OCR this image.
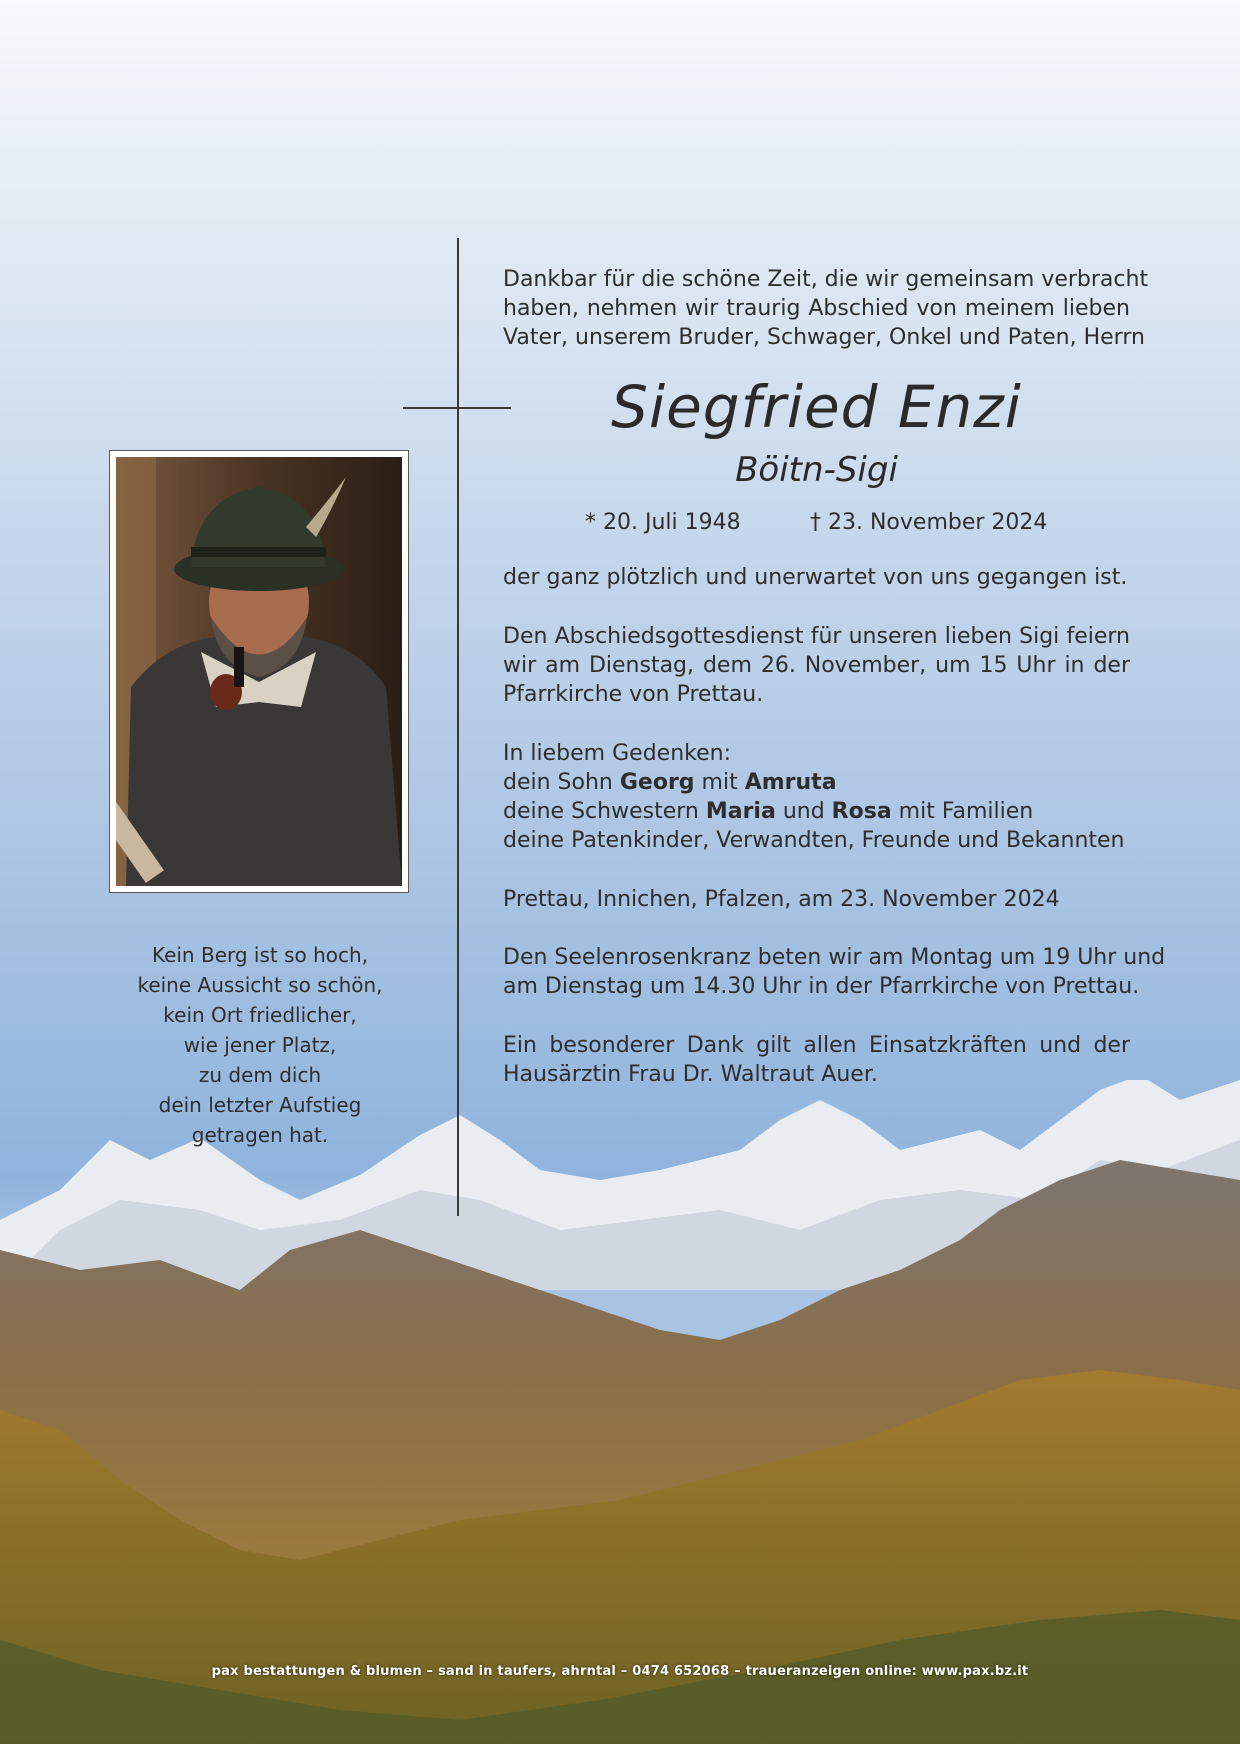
Kein Berg ist so hoch,
keine Aussicht so schön,
kein Ort friedlicher,
wie jener Platz,
zu dem dich
dein letzter Aufstieg
getragen hat.
Dankbar für die schöne Zeit, die wir gemeinsam verbracht
haben, nehmen wir traurig Abschied von meinem lieben
Vater, unserem Bruder, Schwager, Onkel und Paten, Herrn
Siegfried Enzi
Böitn-Sigi
* 20. Juli 1948	† 23. November 2024
der ganz plötzlich und unerwartet von uns gegangen ist.
Den Abschiedsgottesdienst für unseren lieben Sigi feiern
wir am Dienstag, dem 26. November, um 15 Uhr in der
Pfarrkirche von Prettau.
In liebem Gedenken:
dein Sohn Georg mit Amruta
deine Schwestern Maria und Rosa mit Familien
deine Patenkinder, Verwandten, Freunde und Bekannten
Prettau, Innichen, Pfalzen, am 23. November 2024
Den Seelenrosenkranz beten wir am Montag um 19 Uhr und
am Dienstag um 14.30 Uhr in der Pfarrkirche von Prettau.
Ein besonderer Dank gilt allen Einsatzkräften und der
Hausärztin Frau Dr. Waltraut Auer.
pax bestattungen & blumen – sand in taufers, ahrntal – 0474 652068 – traueranzeigen online: www.pax.bz.it
